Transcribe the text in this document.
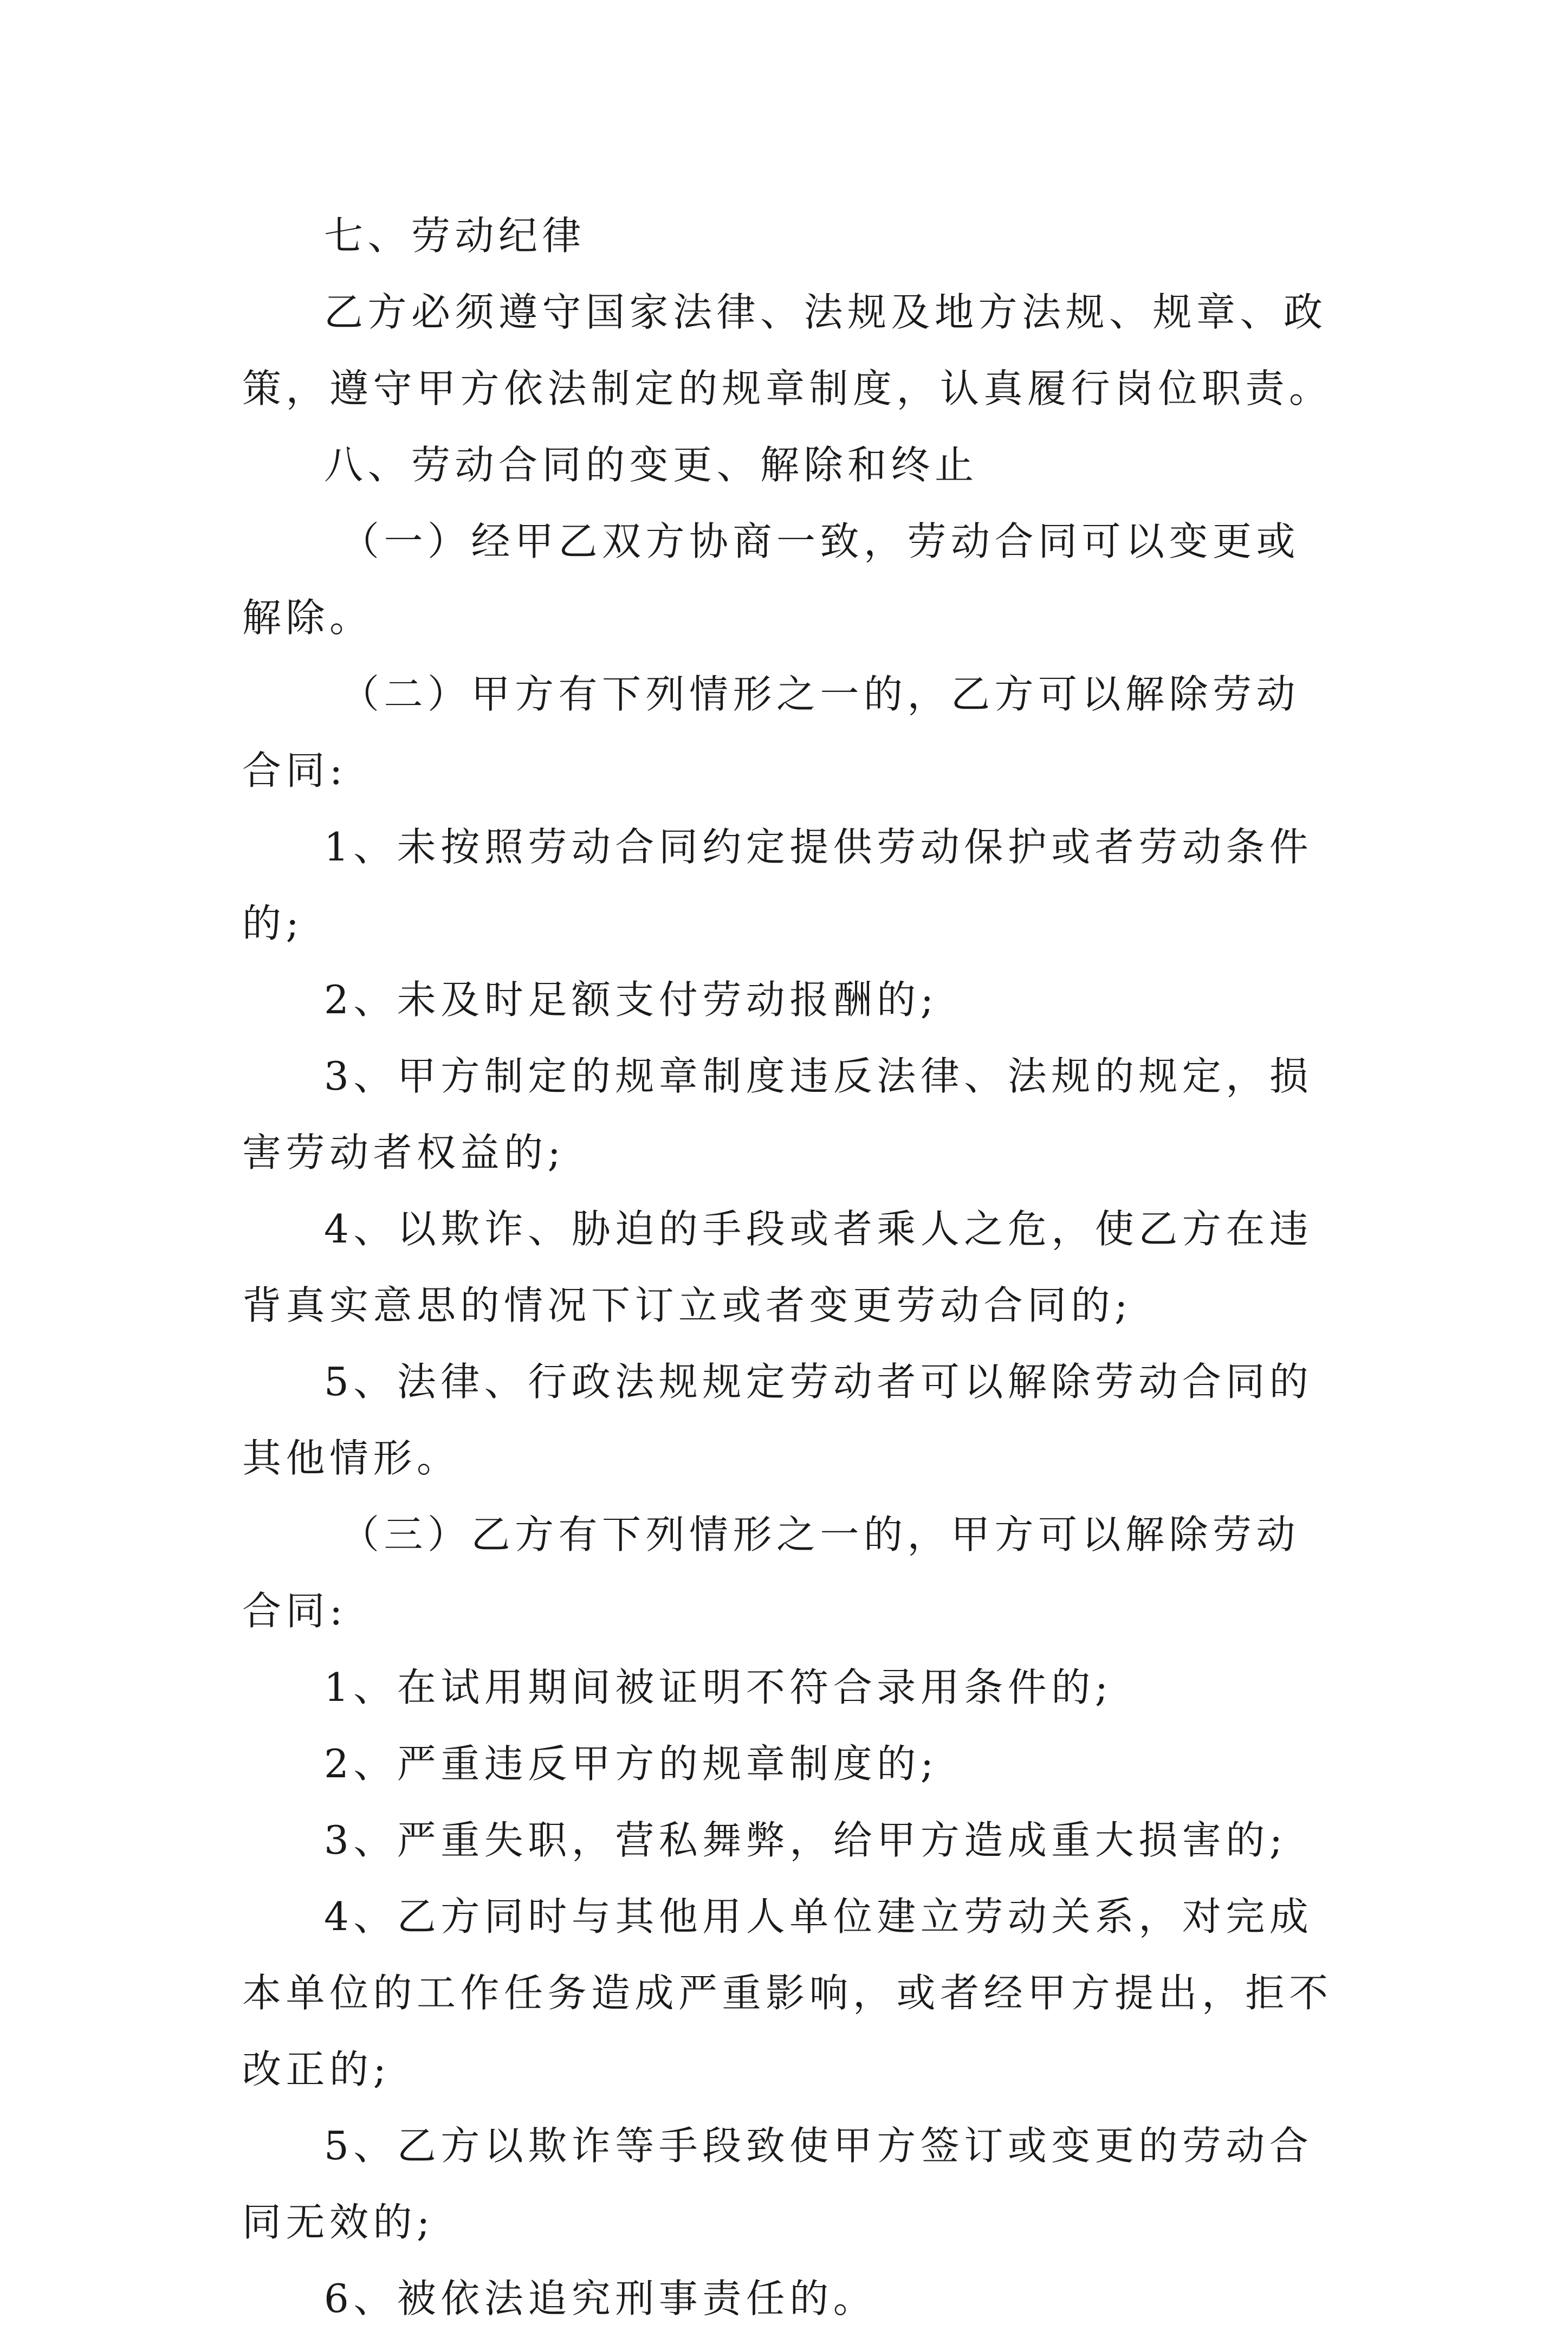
七、劳动纪律

乙方必须遵守国家法律、法规及地方法规、规章、政策，遵守甲方依法制定的规章制度，认真履行岗位职责。

八、劳动合同的变更、解除和终止

（一）经甲乙双方协商一致，劳动合同可以变更或解除。

（二）甲方有下列情形之一的，乙方可以解除劳动合同:

1、未按照劳动合同约定提供劳动保护或者劳动条件的;

2、未及时足额支付劳动报酬的;

3、甲方制定的规章制度违反法律、法规的规定，损害劳动者权益的;

4、以欺诈、胁迫的手段或者乘人之危，使乙方在违背真实意思的情况下订立或者变更劳动合同的;

5、法律、行政法规规定劳动者可以解除劳动合同的其他情形。

（三）乙方有下列情形之一的，甲方可以解除劳动合同:

1、在试用期间被证明不符合录用条件的;

2、严重违反甲方的规章制度的;

3、严重失职，营私舞弊，给甲方造成重大损害的;

4、乙方同时与其他用人单位建立劳动关系，对完成本单位的工作任务造成严重影响，或者经甲方提出，拒不改正的;

5、乙方以欺诈等手段致使甲方签订或变更的劳动合同无效的;

6、被依法追究刑事责任的。
